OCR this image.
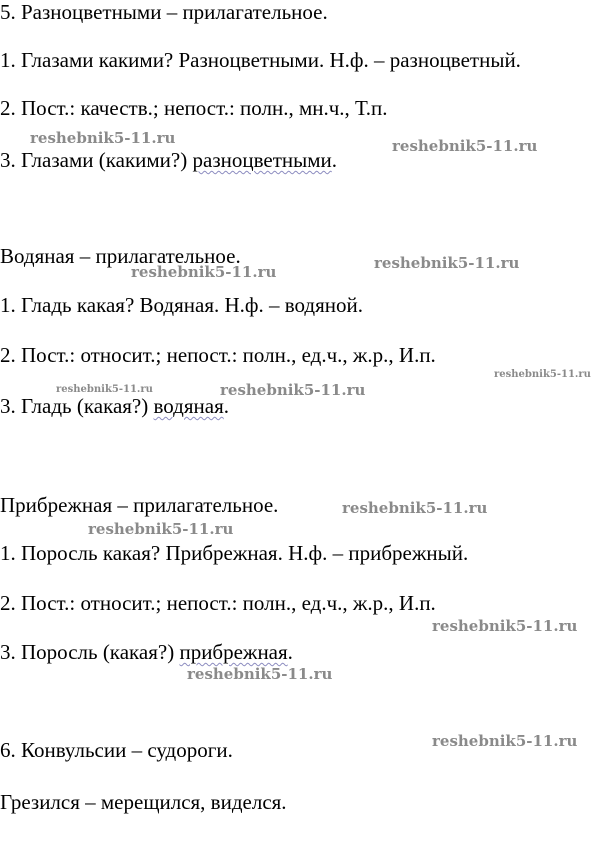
5. Разноцветными – прилагательное.
1. Глазами какими? Разноцветными. Н.ф. – разноцветный.
2. Пост.: качеств.; непост.: полн., мн.ч., Т.п.
3. Глазами (какими?) разноцветными.
Водяная – прилагательное.
1. Гладь какая? Водяная. Н.ф. – водяной.
2. Пост.: относит.; непост.: полн., ед.ч., ж.р., И.п.
3. Гладь (какая?) водяная.
Прибрежная – прилагательное.
1. Поросль какая? Прибрежная. Н.ф. – прибрежный.
2. Пост.: относит.; непост.: полн., ед.ч., ж.р., И.п.
3. Поросль (какая?) прибрежная.
6. Конвульсии – судороги.
Грезился – мерещился, виделся.
reshebnik5-11.ru	reshebnik5-11.ru
reshebnik5-11.ru	reshebnik5-11.ru
reshebnik5-11.ru
reshebnik5-11.ru	reshebnik5-11.ru
reshebnik5-11.ru
reshebnik5-11.ru
reshebnik5-11.ru
reshebnik5-11.ru
reshebnik5-11.ru
